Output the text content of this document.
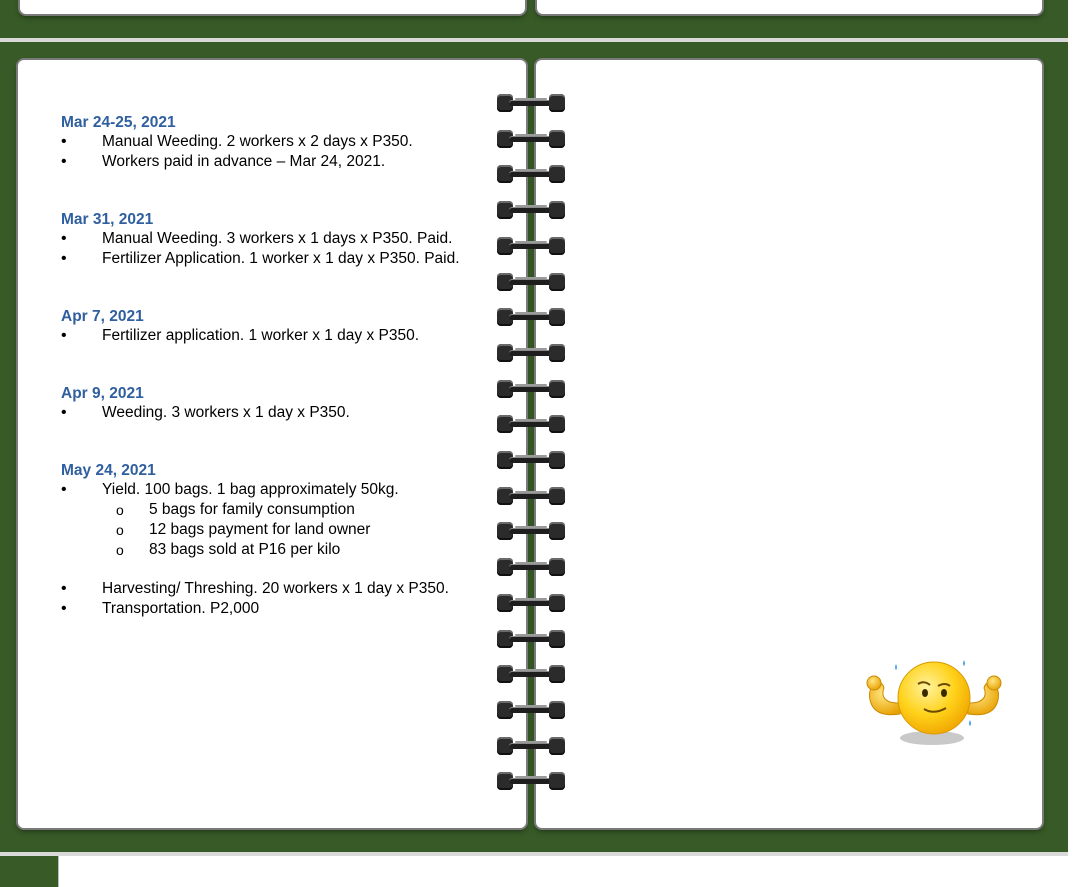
Mar 24-25, 2021
• Manual Weeding. 2 workers x 2 days x P350.
• Workers paid in advance – Mar 24, 2021.
Mar 31, 2021
• Manual Weeding. 3 workers x 1 days x P350. Paid.
• Fertilizer Application. 1 worker x 1 day x P350. Paid.
Apr 7, 2021
• Fertilizer application. 1 worker x 1 day x P350.
Apr 9, 2021
• Weeding. 3 workers x 1 day x P350.
May 24, 2021
• Yield. 100 bags. 1 bag approximately 50kg.
o 5 bags for family consumption
o 12 bags payment for land owner
o 83 bags sold at P16 per kilo
• Harvesting/ Threshing. 20 workers x 1 day x P350.
• Transportation. P2,000
